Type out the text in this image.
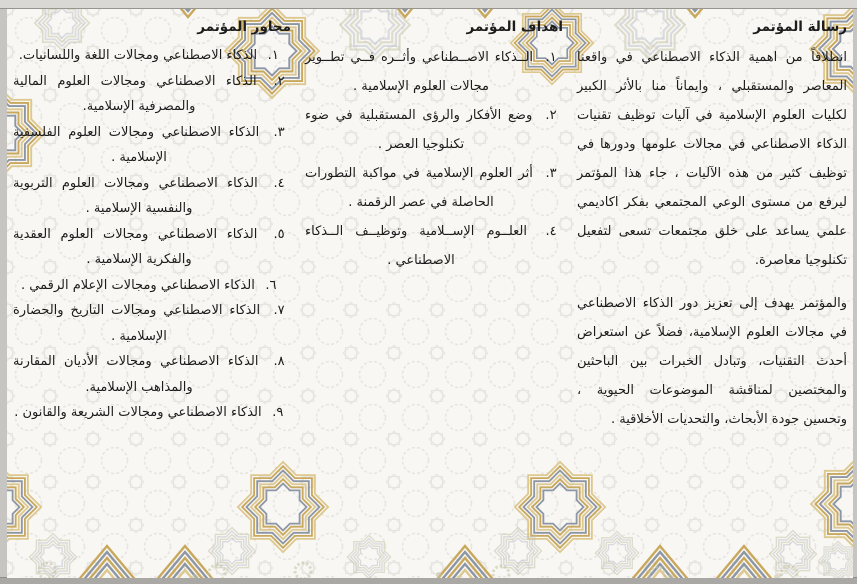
رسالة المؤتمر

انطلاقاً من اهمية الذكاء الاصطناعي في واقعنا المعاصر والمستقبلي ، وايماناً منا بالأثر الكبير لكليات العلوم الإسلامية في آليات توظيف تقنيات الذكاء الاصطناعي في مجالات علومها ودورها في توظيف كثير من هذه الآليات ، جاء هذا المؤتمر ليرفع من مستوى الوعي المجتمعي بفكر اكاديمي علمي يساعد على خلق مجتمعات تسعى لتفعيل تكنلوجيا معاصرة.

والمؤتمر يهدف إلى تعزيز دور الذكاء الاصطناعي في مجالات العلوم الإسلامية، فضلاً عن استعراض أحدث التقنيات، وتبادل الخبرات بين الباحثين والمختصين لمناقشة الموضوعات الحيوية ، وتحسين جودة الأبحاث، والتحديات الأخلاقية .

اهداف المؤتمر
١. الــذكاء الاصــطناعي وأثــره فــي تطــوير مجالات العلوم الإسلامية .
٢. وضع الأفكار والرؤى المستقبلية في ضوء تكنلوجيا العصر .
٣. أثر العلوم الإسلامية في مواكبة التطورات الحاصلة في عصر الرقمنة .
٤. العلــوم الإســلامية وتوظيــف الــذكاء الاصطناعي .
محاور المؤتمر
١. الذكاء الاصطناعي ومجالات اللغة واللسانيات.
٢. الذكاء الاصطناعي ومجالات العلوم المالية والمصرفية الإسلامية.
٣. الذكاء الاصطناعي ومجالات العلوم الفلسفية الإسلامية .
٤. الذكاء الاصطناعي ومجالات العلوم التربوية والنفسية الإسلامية .
٥. الذكاء الاصطناعي ومجالات العلوم العقدية والفكرية الإسلامية .
٦. الذكاء الاصطناعي ومجالات الإعلام الرقمي .
٧. الذكاء الاصطناعي ومجالات التاريخ والحضارة الإسلامية .
٨. الذكاء الاصطناعي ومجالات الأديان المقارنة والمذاهب الإسلامية.
٩. الذكاء الاصطناعي ومجالات الشريعة والقانون .
